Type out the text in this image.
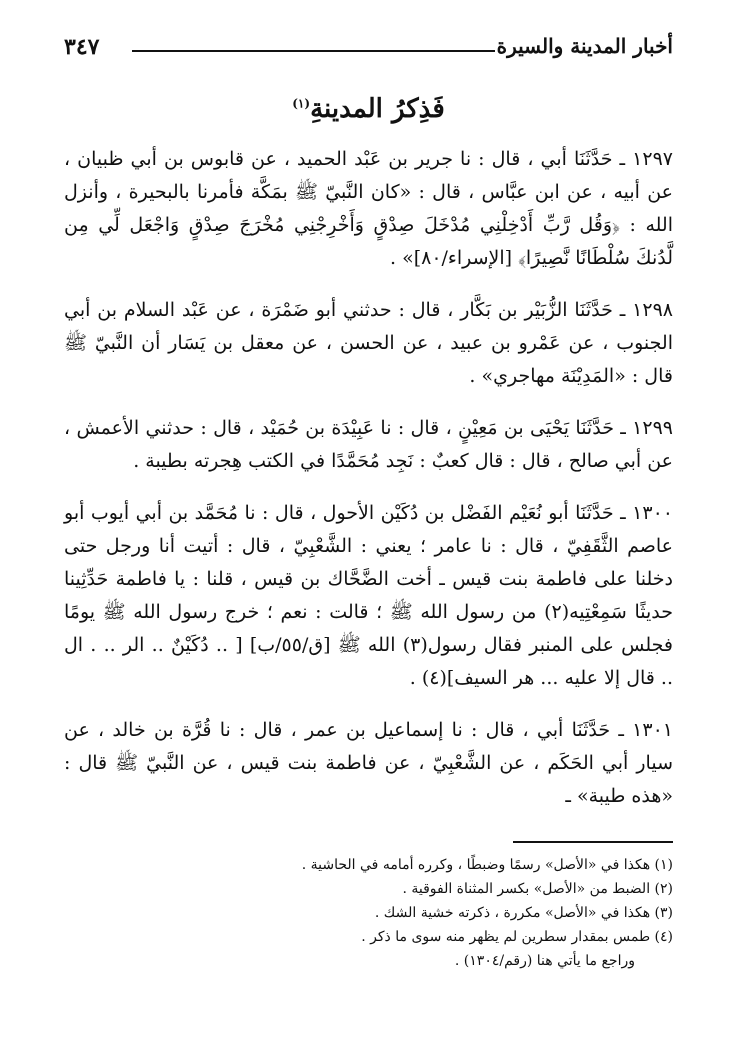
أخبار المدينة والسيرة
٣٤٧
فَذِكرُ المدينةِ$^{(١)}$

١٢٩٧ ـ حَدَّثَنَا أبي ، قال : نا جرير بن عَبْد الحميد ، عن قابوس بن أبي ظبيان ، عن أبيه ، عن ابن عبَّاس ، قال : «كان النَّبيّ ﷺ بمَكَّة فأمرنا بالبحيرة ، وأنزل الله : ﴿وَقُل رَّبِّ أَدْخِلْنِي مُدْخَلَ صِدْقٍ وَأَخْرِجْنِي مُخْرَجَ صِدْقٍ وَاجْعَل لِّي مِن لَّدُنكَ سُلْطَانًا نَّصِيرًا﴾ [الإسراء/٨٠]» .

١٢٩٨ ـ حَدَّثَنَا الزُّبَيْر بن بَكَّار ، قال : حدثني أبو ضَمْرَة ، عن عَبْد السلام بن أبي الجنوب ، عن عَمْرو بن عبيد ، عن الحسن ، عن معقل بن يَسَار أن النَّبيّ ﷺ قال : «المَدِيْنَة مهاجري» .

١٢٩٩ ـ حَدَّثَنَا يَحْيَى بن مَعِيْنٍ ، قال : نا عَبِيْدَة بن حُمَيْد ، قال : حدثني الأعمش ، عن أبي صالح ، قال : قال كعبٌ : نَجِد مُحَمَّدًا في الكتب هِجرته بطيبة .

١٣٠٠ ـ حَدَّثَنَا أبو نُعَيْم الفَضْل بن دُكَيْن الأحول ، قال : نا مُحَمَّد بن أبي أيوب أبو عاصم الثَّقَفِيّ ، قال : نا عامر ؛ يعني : الشَّعْبِيّ ، قال : أتيت أنا ورجل حتى دخلنا على فاطمة بنت قيس ـ أخت الضَّحَّاك بن قيس ، قلنا : يا فاطمة حَدِّثِينا حديثًا سَمِعْتِيه(٢) من رسول الله ﷺ ؛ قالت : نعم ؛ خرج رسول الله ﷺ يومًا فجلس على المنبر فقال رسول(٣) الله ﷺ [ق/٥٥/ب] [ .. دُكَيْنٌ .. الر .. . ال .. قال إلا عليه ... هر السيف](٤) .

١٣٠١ ـ حَدَّثَنَا أبي ، قال : نا إسماعيل بن عمر ، قال : نا قُرَّة بن خالد ، عن سيار أبي الحَكَم ، عن الشَّعْبِيّ ، عن فاطمة بنت قيس ، عن النَّبيّ ﷺ قال : «هذه طيبة» ـ

(١) هكذا في «الأصل» رسمًا وضبطًا ، وكرره أمامه في الحاشية .
(٢) الضبط من «الأصل» بكسر المثناة الفوقية .
(٣) هكذا في «الأصل» مكررة ، ذكرته خشية الشك .
(٤) طمس بمقدار سطرين لم يظهر منه سوى ما ذكر .
وراجع ما يأتي هنا (رقم/١٣٠٤) .
